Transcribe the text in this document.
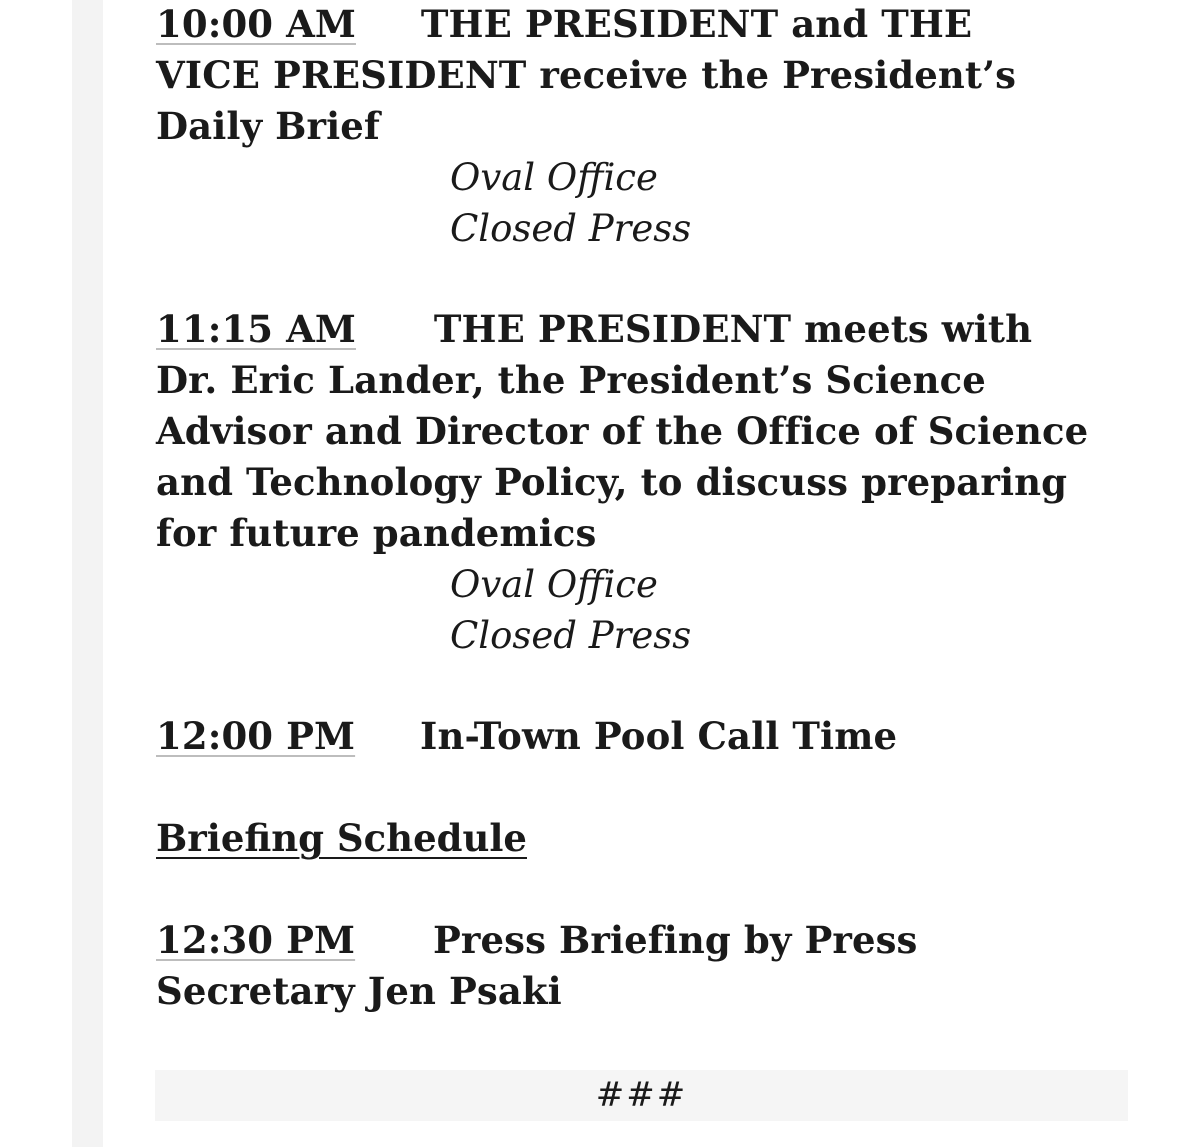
10:00 AM THE PRESIDENT and THE
VICE PRESIDENT receive the President’s
Daily Brief
Oval Office
Closed Press
11:15 AM THE PRESIDENT meets with
Dr. Eric Lander, the President’s Science
Advisor and Director of the Office of Science
and Technology Policy, to discuss preparing
for future pandemics
Oval Office
Closed Press
12:00 PM In-Town Pool Call Time
Briefing Schedule
12:30 PM Press Briefing by Press
Secretary Jen Psaki
###
